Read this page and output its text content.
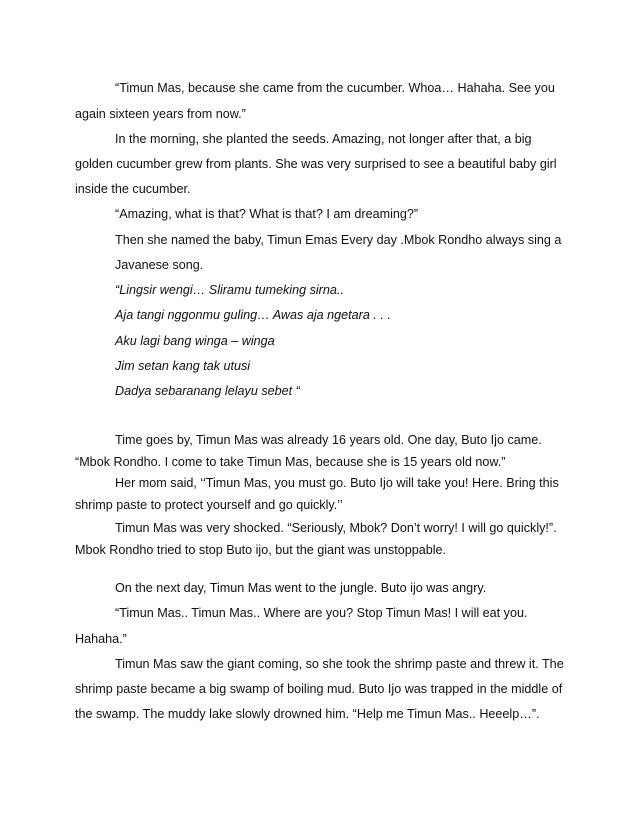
“Timun Mas, because she came from the cucumber. Whoa… Hahaha. See you
again sixteen years from now.”
In the morning, she planted the seeds. Amazing, not longer after that, a big
golden cucumber grew from plants. She was very surprised to see a beautiful baby girl
inside the cucumber.
“Amazing, what is that? What is that? I am dreaming?”
Then she named the baby, Timun Emas Every day .Mbok Rondho always sing a
Javanese song.
“Lingsir wengi… Sliramu tumeking sirna..
Aja tangi nggonmu guling… Awas aja ngetara . . .
Aku lagi bang winga – winga
Jim setan kang tak utusi
Dadya sebaranang lelayu sebet “
Time goes by, Timun Mas was already 16 years old. One day, Buto Ijo came.
“Mbok Rondho. I come to take Timun Mas, because she is 15 years old now.”
Her mom said, ‘‘Timun Mas, you must go. Buto Ijo will take you! Here. Bring this
shrimp paste to protect yourself and go quickly.’’
Timun Mas was very shocked. “Seriously, Mbok? Don’t worry! I will go quickly!”.
Mbok Rondho tried to stop Buto ijo, but the giant was unstoppable.
On the next day, Timun Mas went to the jungle. Buto ijo was angry.
“Timun Mas.. Timun Mas.. Where are you? Stop Timun Mas! I will eat you.
Hahaha.”
Timun Mas saw the giant coming, so she took the shrimp paste and threw it. The
shrimp paste became a big swamp of boiling mud. Buto Ijo was trapped in the middle of
the swamp. The muddy lake slowly drowned him. “Help me Timun Mas.. Heeelp…”.
